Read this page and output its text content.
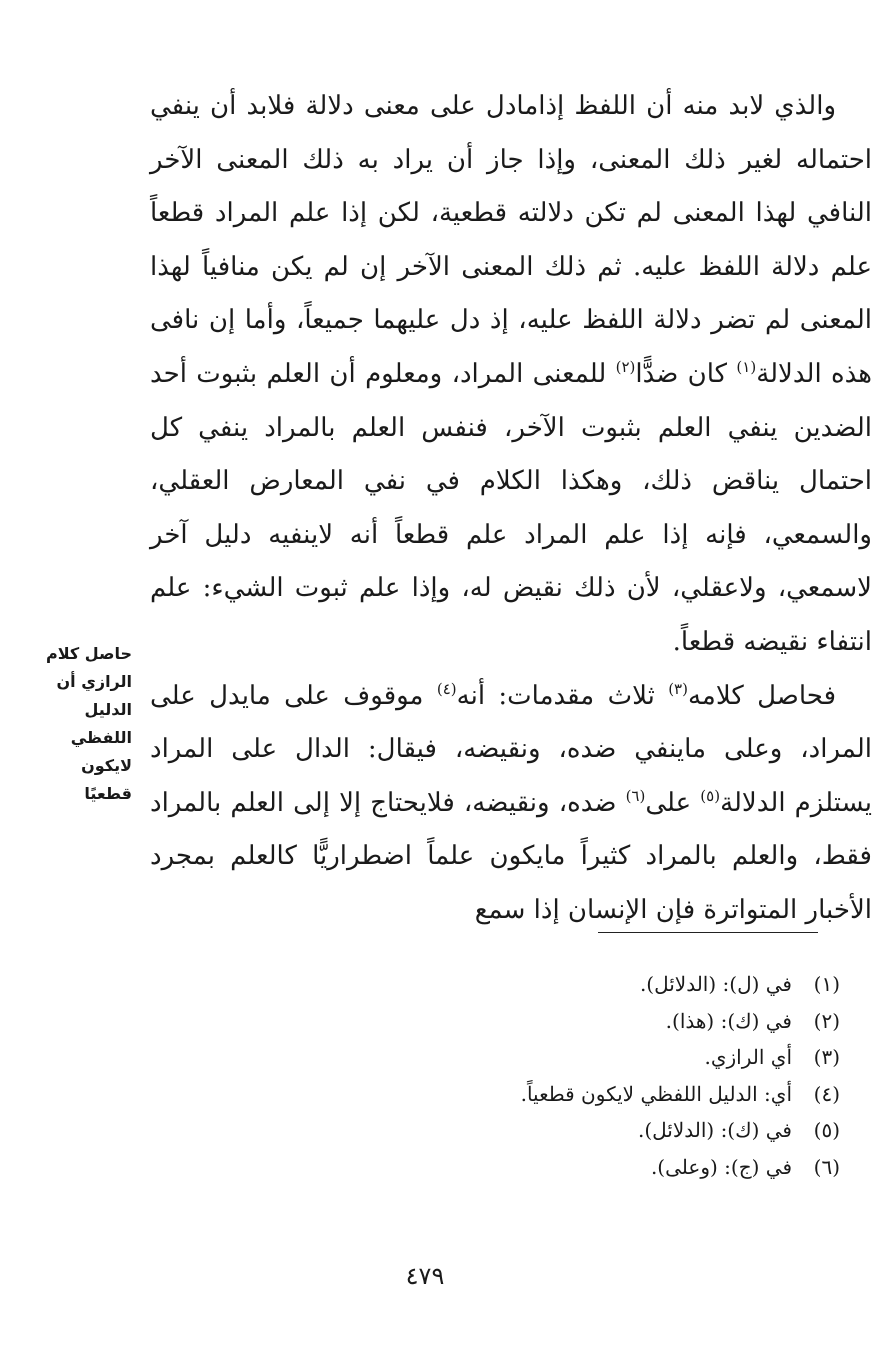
والذي لابد منه أن اللفظ إذامادل على معنى دلالة فلابد أن ينفي احتماله لغير ذلك المعنى، وإذا جاز أن يراد به ذلك المعنى الآخر النافي لهذا المعنى لم تكن دلالته قطعية، لكن إذا علم المراد قطعاً علم دلالة اللفظ عليه. ثم ذلك المعنى الآخر إن لم يكن منافياً لهذا المعنى لم تضر دلالة اللفظ عليه، إذ دل عليهما جميعاً، وأما إن نافى هذه الدلالة$^{(١)}$ كان ضدًّا$^{(٢)}$ للمعنى المراد، ومعلوم أن العلم بثبوت أحد الضدين ينفي العلم بثبوت الآخر، فنفس العلم بالمراد ينفي كل احتمال يناقض ذلك، وهكذا الكلام في نفي المعارض العقلي، والسمعي، فإنه إذا علم المراد علم قطعاً أنه لاينفيه دليل آخر لاسمعي، ولاعقلي، لأن ذلك نقيض له، وإذا علم ثبوت الشيء: علم انتفاء نقيضه قطعاً.

فحاصل كلامه$^{(٣)}$ ثلاث مقدمات: أنه$^{(٤)}$ موقوف على مايدل على المراد، وعلى ماينفي ضده، ونقيضه، فيقال: الدال على المراد يستلزم الدلالة$^{(٥)}$ على$^{(٦)}$ ضده، ونقيضه، فلايحتاج إلا إلى العلم بالمراد فقط، والعلم بالمراد كثيراً مايكون علماً اضطراريًّا كالعلم بمجرد الأخبار المتواترة فإن الإنسان إذا سمع

حاصل كلام
الرازي أن
الدليل اللفظي
لايكون
قطعيًا
(١)
في (ل): (الدلائل).
(٢)
في (ك): (هذا).
(٣)
أي الرازي.
(٤)
أي: الدليل اللفظي لايكون قطعياً.
(٥)
في (ك): (الدلائل).
(٦)
في (ج): (وعلى).
٤٧٩
